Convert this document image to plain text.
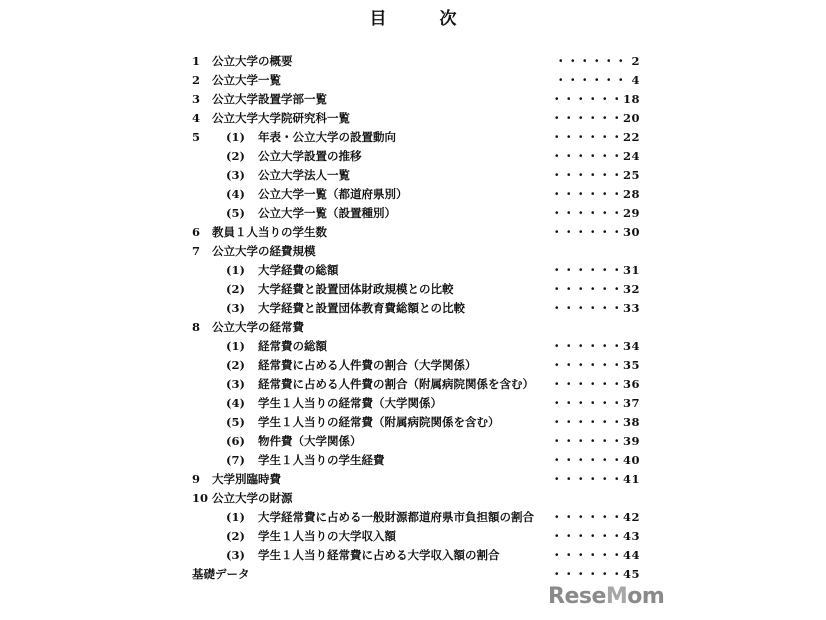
目　次
1 公立大学の概要	・・・・・・ 2
2 公立大学一覧	・・・・・・ 4
3 公立大学設置学部一覧	・・・・・・18
4 公立大学大学院研究科一覧	・・・・・・20
5 (1) 年表・公立大学の設置動向	・・・・・・22
(2) 公立大学設置の推移	・・・・・・24
(3) 公立大学法人一覧	・・・・・・25
(4) 公立大学一覧（都道府県別）	・・・・・・28
(5) 公立大学一覧（設置種別）	・・・・・・29
6 教員１人当りの学生数	・・・・・・30
7 公立大学の経費規模
(1) 大学経費の総額	・・・・・・31
(2) 大学経費と設置団体財政規模との比較	・・・・・・32
(3) 大学経費と設置団体教育費総額との比較	・・・・・・33
8 公立大学の経常費
(1) 経常費の総額	・・・・・・34
(2) 経常費に占める人件費の割合（大学関係）	・・・・・・35
(3) 経常費に占める人件費の割合（附属病院関係を含む） ・・・・・・36
(4) 学生１人当りの経常費（大学関係）	・・・・・・37
(5) 学生１人当りの経常費（附属病院関係を含む）	・・・・・・38
(6) 物件費（大学関係）	・・・・・・39
(7) 学生１人当りの学生経費	・・・・・・40
9 大学別臨時費	・・・・・・41
10 公立大学の財源
(1) 大学経常費に占める一般財源都道府県市負担額の割合 ・・・・・・42
(2) 学生１人当りの大学収入額	・・・・・・43
(3) 学生１人当り経常費に占める大学収入額の割合	・・・・・・44
基礎データ	・・・・・・45
ReseMom
